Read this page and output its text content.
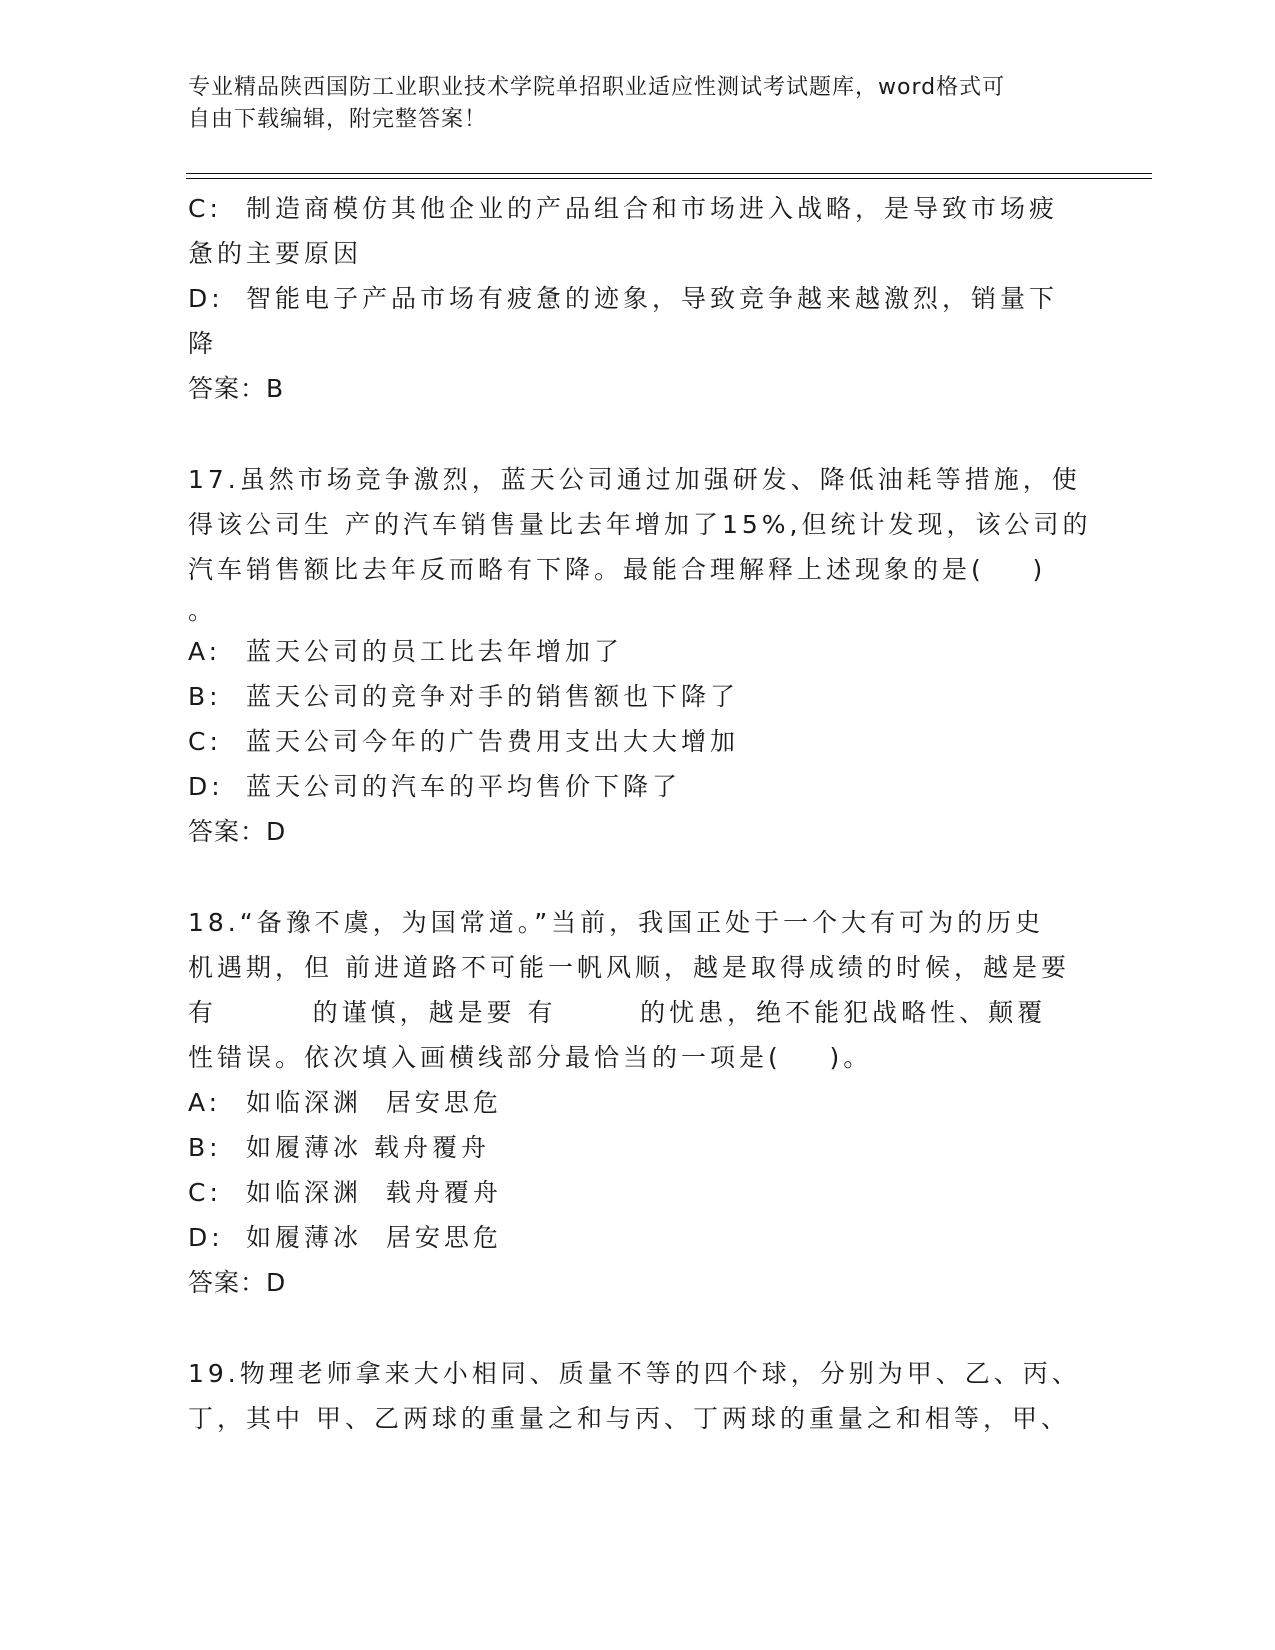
专业精品陕西国防工业职业技术学院单招职业适应性测试考试题库，word格式可
自由下载编辑，附完整答案！
C: 制造商模仿其他企业的产品组合和市场进入战略，是导致市场疲
惫的主要原因
D: 智能电子产品市场有疲惫的迹象，导致竞争越来越激烈，销量下
降
答案：B
17.虽然市场竞争激烈，蓝天公司通过加强研发、降低油耗等措施，使
得该公司生 产的汽车销售量比去年增加了15%,但统计发现，该公司的
汽车销售额比去年反而略有下降。最能合理解释上述现象的是(    )
。
A: 蓝天公司的员工比去年增加了
B: 蓝天公司的竞争对手的销售额也下降了
C: 蓝天公司今年的广告费用支出大大增加
D: 蓝天公司的汽车的平均售价下降了
答案：D
18.“备豫不虞，为国常道。”当前，我国正处于一个大有可为的历史
机遇期，但 前进道路不可能一帆风顺，越是取得成绩的时候，越是要
有        的谨慎，越是要 有       的忧患，绝不能犯战略性、颠覆
性错误。依次填入画横线部分最恰当的一项是(    )。
A: 如临深渊  居安思危
B: 如履薄冰 载舟覆舟
C: 如临深渊  载舟覆舟
D: 如履薄冰  居安思危
答案：D
19.物理老师拿来大小相同、质量不等的四个球，分别为甲、乙、丙、
丁，其中 甲、乙两球的重量之和与丙、丁两球的重量之和相等，甲、
